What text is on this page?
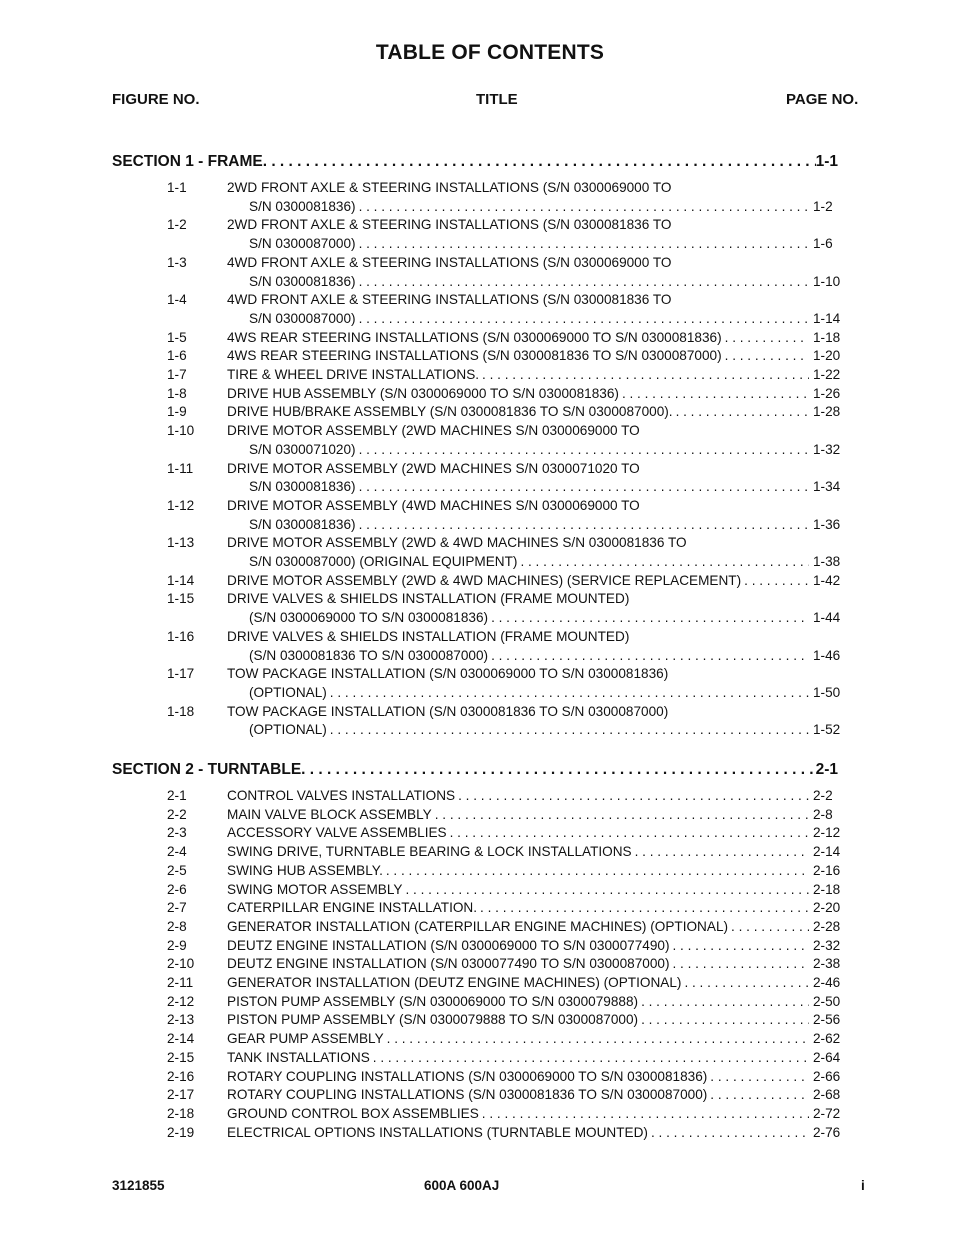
TABLE OF CONTENTS
FIGURE NO.	TITLE	PAGE NO.
SECTION 1 - FRAME . . .	1-1
1-1	2WD FRONT AXLE & STEERING INSTALLATIONS (S/N 0300069000 TO
S/N 0300081836) . . .	1-2
1-2	2WD FRONT AXLE & STEERING INSTALLATIONS (S/N 0300081836 TO
S/N 0300087000) . . .	1-6
1-3	4WD FRONT AXLE & STEERING INSTALLATIONS (S/N 0300069000 TO
S/N 0300081836) . . .	1-10
1-4	4WD FRONT AXLE & STEERING INSTALLATIONS (S/N 0300081836 TO
S/N 0300087000) . . .	1-14
1-5	4WS REAR STEERING INSTALLATIONS (S/N 0300069000 TO S/N 0300081836) . . .	1-18
1-6	4WS REAR STEERING INSTALLATIONS (S/N 0300081836 TO S/N 0300087000) . . .	1-20
1-7	TIRE & WHEEL DRIVE INSTALLATIONS. . . .	1-22
1-8	DRIVE HUB ASSEMBLY (S/N 0300069000 TO S/N 0300081836) . . .	1-26
1-9	DRIVE HUB/BRAKE ASSEMBLY (S/N 0300081836 TO S/N 0300087000). . . .	1-28
1-10 DRIVE MOTOR ASSEMBLY (2WD MACHINES S/N 0300069000 TO
S/N 0300071020) . . .	1-32
1-11 DRIVE MOTOR ASSEMBLY (2WD MACHINES S/N 0300071020 TO
S/N 0300081836) . . .	1-34
1-12 DRIVE MOTOR ASSEMBLY (4WD MACHINES S/N 0300069000 TO
S/N 0300081836) . . .	1-36
1-13 DRIVE MOTOR ASSEMBLY (2WD & 4WD MACHINES S/N 0300081836 TO
S/N 0300087000) (ORIGINAL EQUIPMENT) . . .	1-38
1-14 DRIVE MOTOR ASSEMBLY (2WD & 4WD MACHINES) (SERVICE REPLACEMENT) . . .	1-42
1-15 DRIVE VALVES & SHIELDS INSTALLATION (FRAME MOUNTED)
(S/N 0300069000 TO S/N 0300081836) . . .	1-44
1-16 DRIVE VALVES & SHIELDS INSTALLATION (FRAME MOUNTED)
(S/N 0300081836 TO S/N 0300087000) . . .	1-46
1-17 TOW PACKAGE INSTALLATION (S/N 0300069000 TO S/N 0300081836)
(OPTIONAL) . . .	1-50
1-18 TOW PACKAGE INSTALLATION (S/N 0300081836 TO S/N 0300087000)
(OPTIONAL) . . .	1-52
SECTION 2 - TURNTABLE . . .	2-1
2-1	CONTROL VALVES INSTALLATIONS . . .	2-2
2-2	MAIN VALVE BLOCK ASSEMBLY . . .	2-8
2-3	ACCESSORY VALVE ASSEMBLIES . . .	2-12
2-4	SWING DRIVE, TURNTABLE BEARING & LOCK INSTALLATIONS . . .	2-14
2-5	SWING HUB ASSEMBLY. . . .	2-16
2-6	SWING MOTOR ASSEMBLY . . .	2-18
2-7	CATERPILLAR ENGINE INSTALLATION. . . .	2-20
2-8	GENERATOR INSTALLATION (CATERPILLAR ENGINE MACHINES) (OPTIONAL) . . .	2-28
2-9	DEUTZ ENGINE INSTALLATION (S/N 0300069000 TO S/N 0300077490) . . .	2-32
2-10 DEUTZ ENGINE INSTALLATION (S/N 0300077490 TO S/N 0300087000) . . .	2-38
2-11 GENERATOR INSTALLATION (DEUTZ ENGINE MACHINES) (OPTIONAL) . . .	2-46
2-12 PISTON PUMP ASSEMBLY (S/N 0300069000 TO S/N 0300079888) . . .	2-50
2-13 PISTON PUMP ASSEMBLY (S/N 0300079888 TO S/N 0300087000) . . .	2-56
2-14 GEAR PUMP ASSEMBLY . . .	2-62
2-15 TANK INSTALLATIONS . . .	2-64
2-16 ROTARY COUPLING INSTALLATIONS (S/N 0300069000 TO S/N 0300081836) . . .	2-66
2-17 ROTARY COUPLING INSTALLATIONS (S/N 0300081836 TO S/N 0300087000) . . .	2-68
2-18 GROUND CONTROL BOX ASSEMBLIES . . .	2-72
2-19 ELECTRICAL OPTIONS INSTALLATIONS (TURNTABLE MOUNTED) . . .	2-76
3121855	600A 600AJ	i
